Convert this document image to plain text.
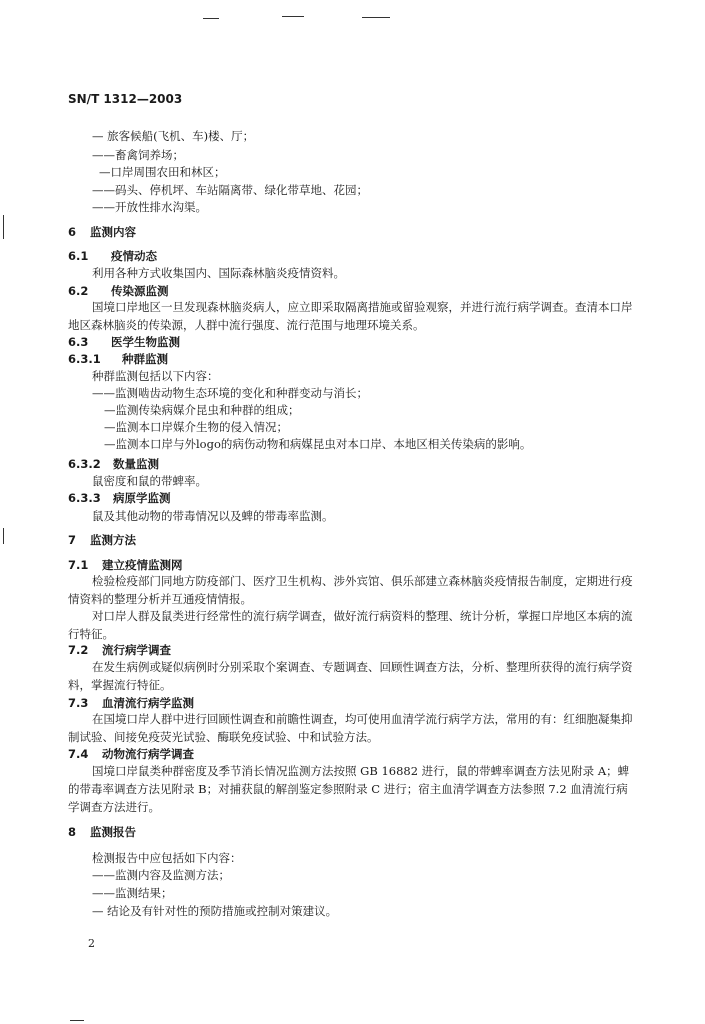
SN/T 1312—2003
— 旅客候船(飞机、车)楼、厅；
——畜禽饲养场；
—口岸周围农田和林区；
——码头、停机坪、车站隔离带、绿化带草地、花园；
——开放性排水沟渠。
6 监测内容
6.1 疫情动态
利用各种方式收集国内、国际森林脑炎疫情资料。
6.2 传染源监测
国境口岸地区一旦发现森林脑炎病人，应立即采取隔离措施或留验观察，并进行流行病学调查。查清本口岸地区森林脑炎的传染源，人群中流行强度、流行范围与地理环境关系。
6.3 医学生物监测
6.3.1 种群监测
种群监测包括以下内容：
——监测啮齿动物生态环境的变化和种群变动与消长；
—监测传染病媒介昆虫和种群的组成；
—监测本口岸媒介生物的侵入情况；
—监测本口岸与外logo的病伤动物和病媒昆虫对本口岸、本地区相关传染病的影响。
6.3.2 数量监测
鼠密度和鼠的带蜱率。
6.3.3 病原学监测
鼠及其他动物的带毒情况以及蜱的带毒率监测。
7 监测方法
7.1 建立疫情监测网
检验检疫部门同地方防疫部门、医疗卫生机构、涉外宾馆、俱乐部建立森林脑炎疫情报告制度，定期进行疫情资料的整理分析并互通疫情情报。
对口岸人群及鼠类进行经常性的流行病学调查，做好流行病资料的整理、统计分析，掌握口岸地区本病的流行特征。
7.2 流行病学调查
在发生病例或疑似病例时分别采取个案调查、专题调查、回顾性调查方法，分析、整理所获得的流行病学资料，掌握流行特征。
7.3 血清流行病学监测
在国境口岸人群中进行回顾性调查和前瞻性调查，均可使用血清学流行病学方法，常用的有：红细胞凝集抑制试验、间接免疫荧光试验、酶联免疫试验、中和试验方法。
7.4 动物流行病学调查
国境口岸鼠类种群密度及季节消长情况监测方法按照 GB 16882 进行，鼠的带蜱率调查方法见附录 A；蜱的带毒率调查方法见附录 B；对捕获鼠的解剖鉴定参照附录 C 进行；宿主血清学调查方法参照 7.2 血清流行病学调查方法进行。
8 监测报告
检测报告中应包括如下内容：
——监测内容及监测方法；
——监测结果；
— 结论及有针对性的预防措施或控制对策建议。
2
